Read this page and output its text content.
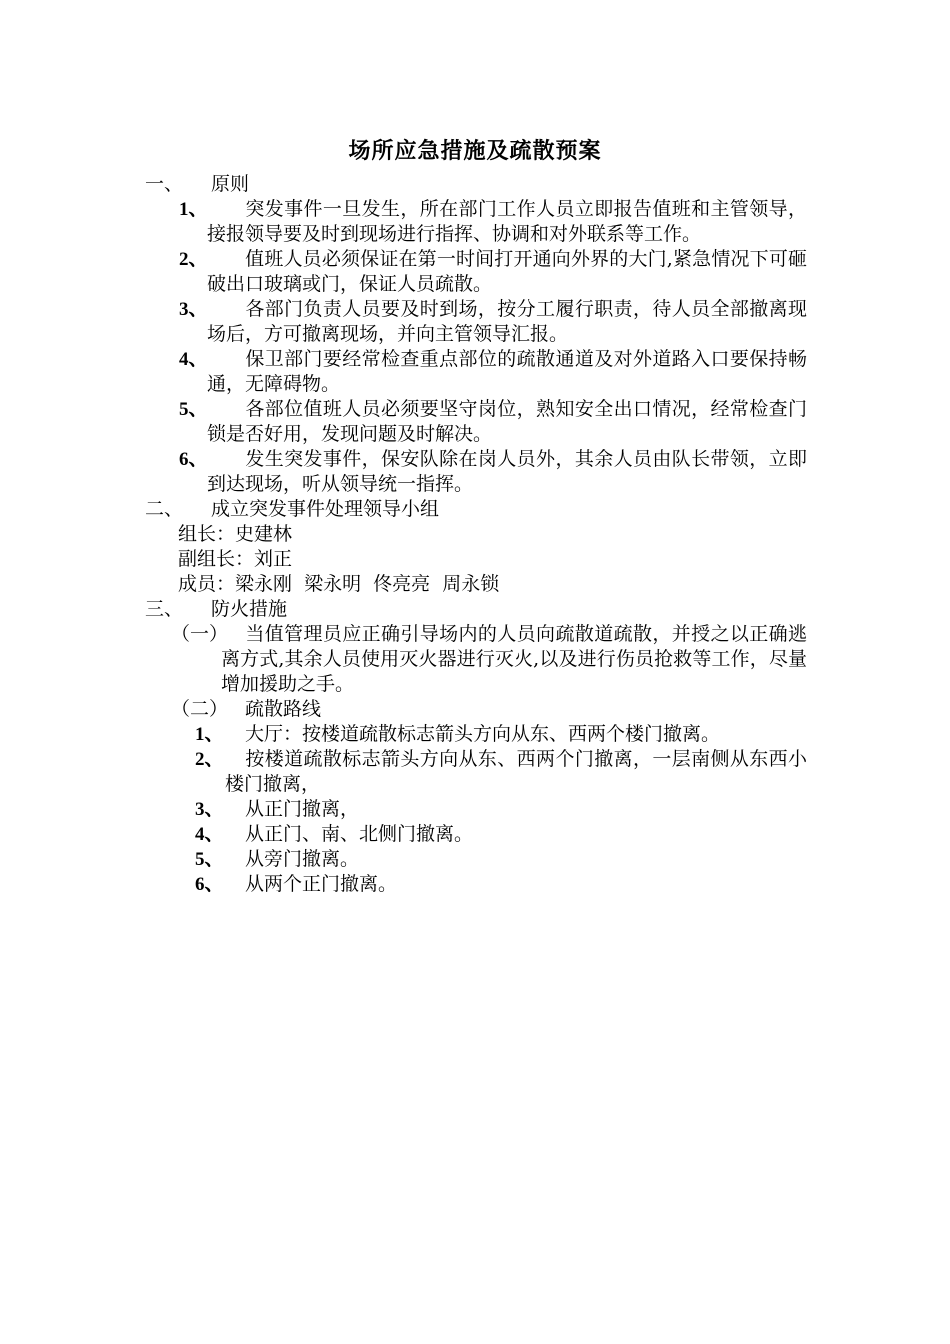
场所应急措施及疏散预案
一、 原则
1、 突发事件一旦发生，所在部门工作人员立即报告值班和主管领导，接报领导要及时到现场进行指挥、协调和对外联系等工作。
2、 值班人员必须保证在第一时间打开通向外界的大门,紧急情况下可砸破出口玻璃或门，保证人员疏散。
3、 各部门负责人员要及时到场，按分工履行职责，待人员全部撤离现场后，方可撤离现场，并向主管领导汇报。
4、 保卫部门要经常检查重点部位的疏散通道及对外道路入口要保持畅通，无障碍物。
5、 各部位值班人员必须要坚守岗位，熟知安全出口情况，经常检查门锁是否好用，发现问题及时解决。
6、 发生突发事件，保安队除在岗人员外，其余人员由队长带领，立即到达现场，听从领导统一指挥。
二、 成立突发事件处理领导小组
组长：史建林
副组长：刘正
成员：梁永刚  梁永明  佟亮亮  周永锁
三、 防火措施
（一） 当值管理员应正确引导场内的人员向疏散道疏散，并授之以正确逃离方式,其余人员使用灭火器进行灭火,以及进行伤员抢救等工作，尽量增加援助之手。
（二） 疏散路线
1、 大厅：按楼道疏散标志箭头方向从东、西两个楼门撤离。
2、 按楼道疏散标志箭头方向从东、西两个门撤离，一层南侧从东西小楼门撤离，
3、 从正门撤离，
4、 从正门、南、北侧门撤离。
5、 从旁门撤离。
6、 从两个正门撤离。
